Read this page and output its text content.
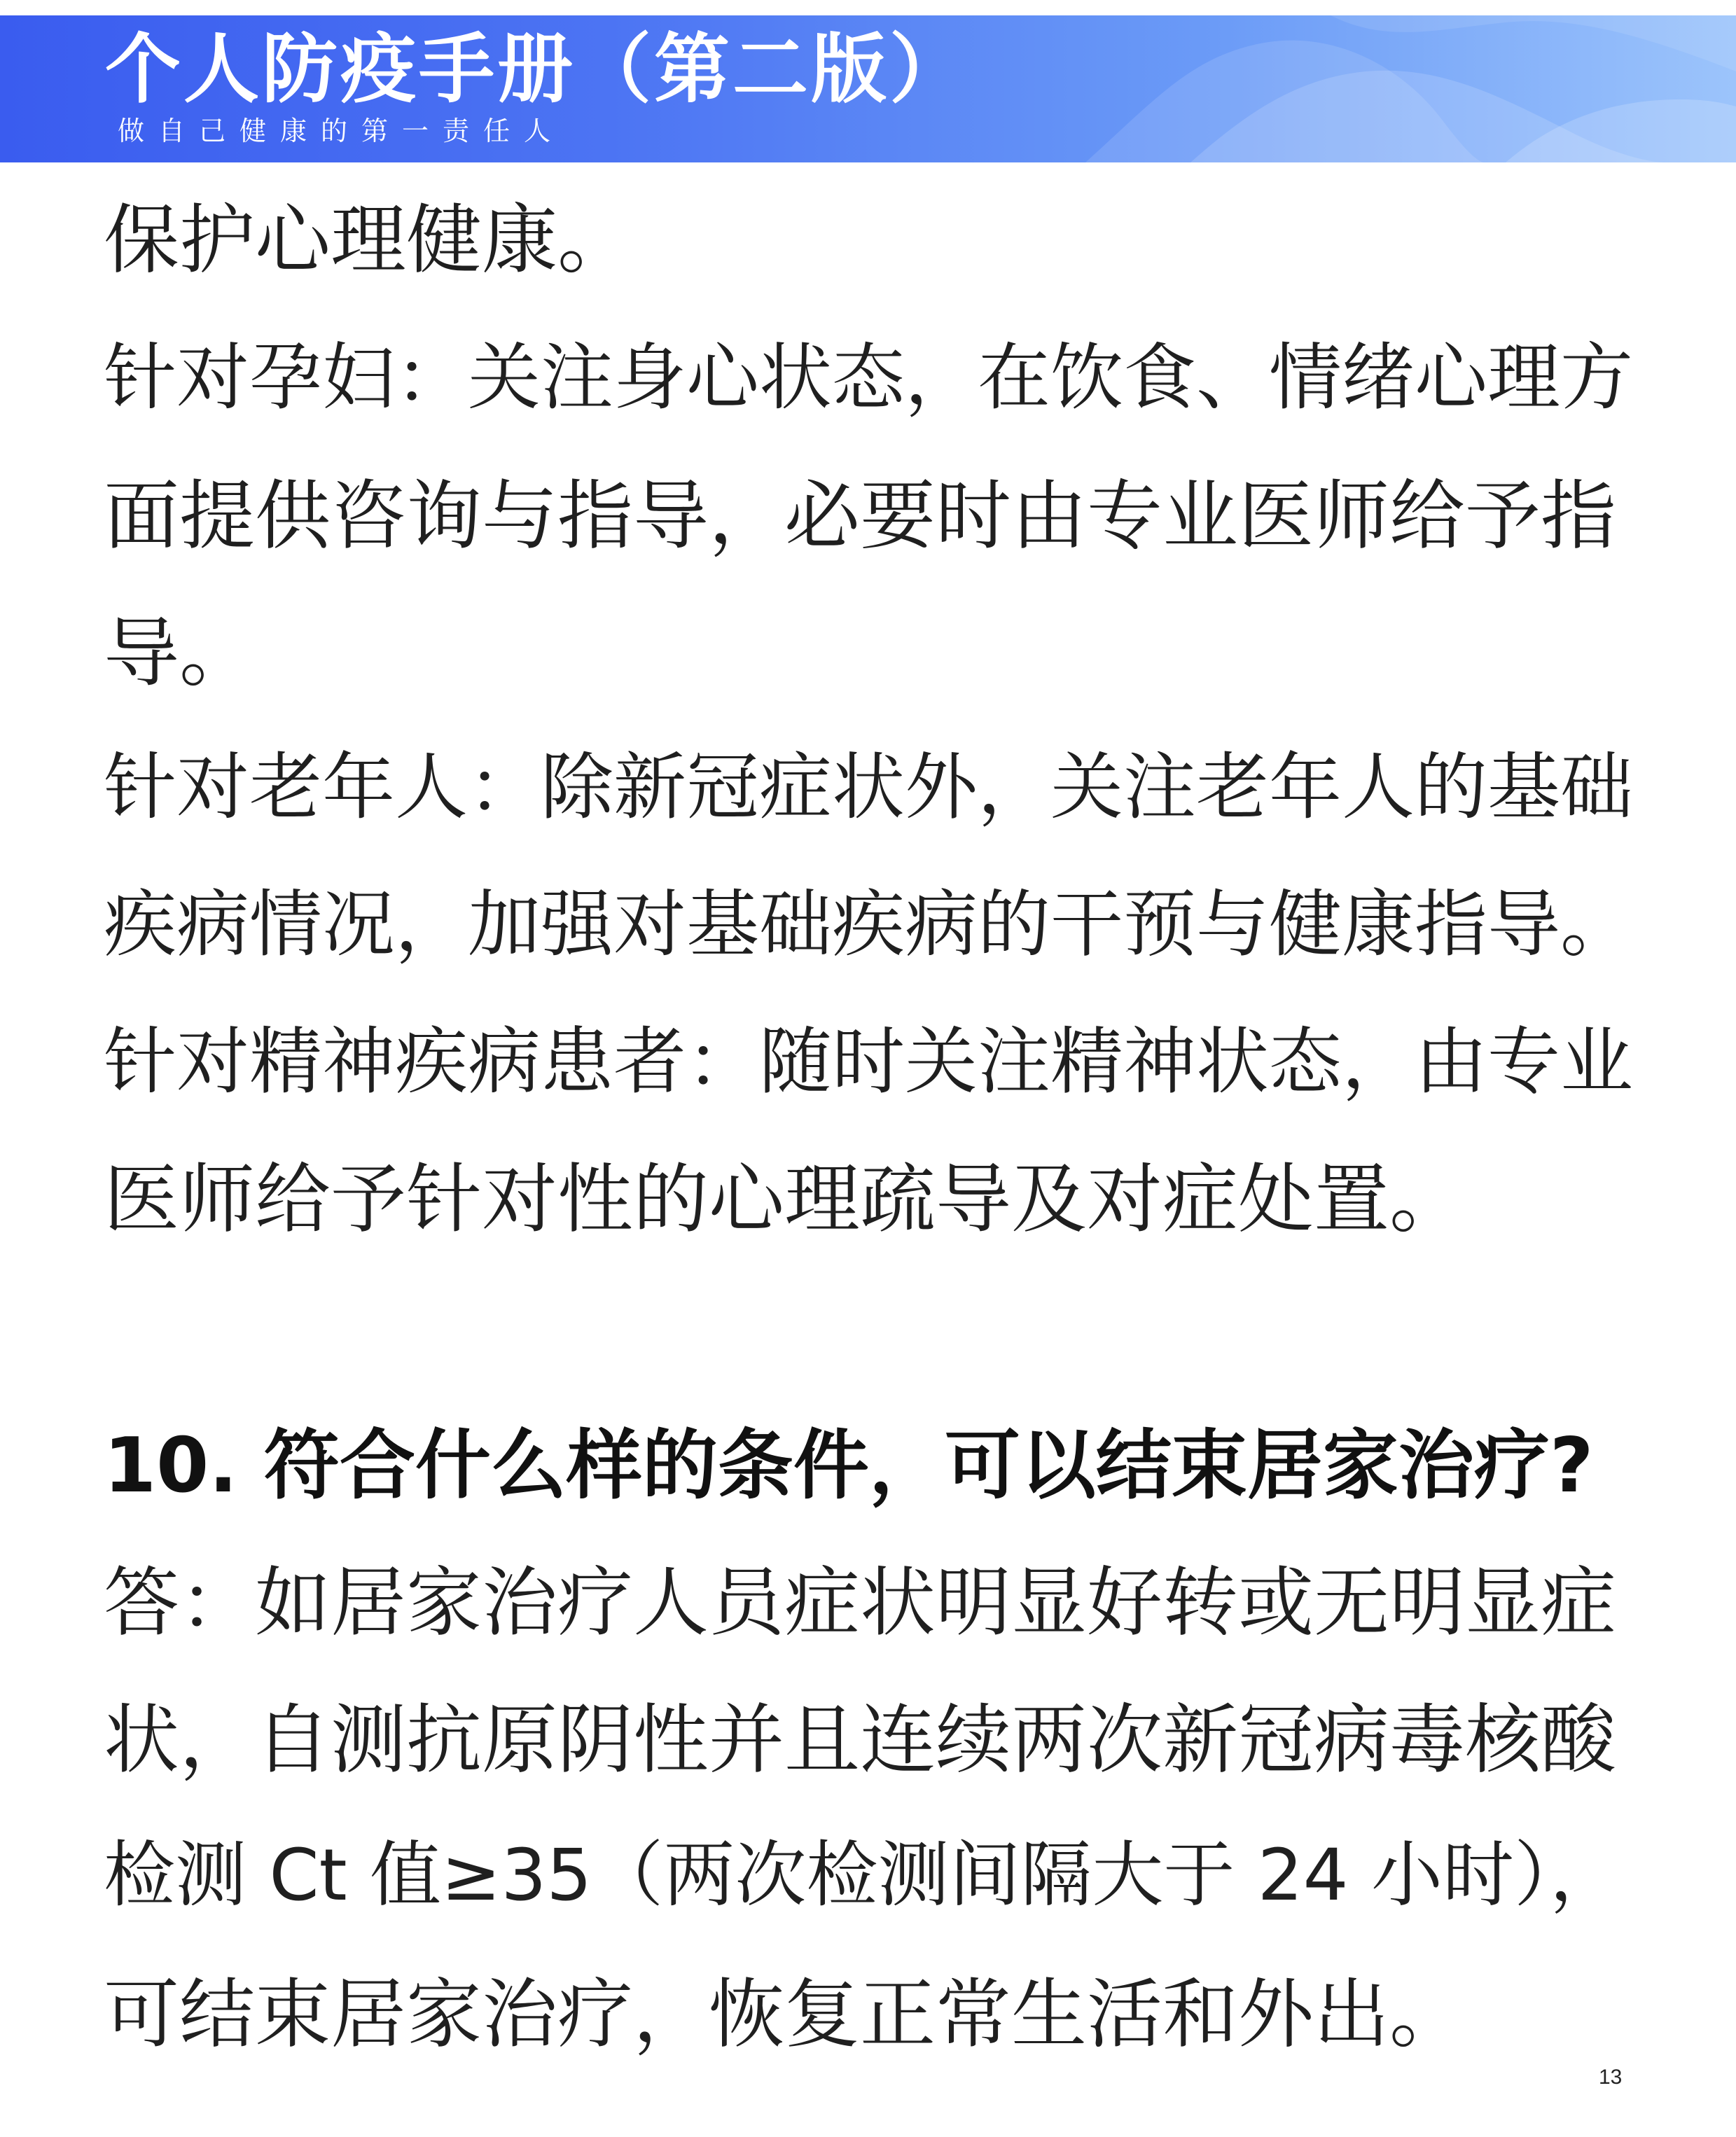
个人防疫手册（第二版）
做自己健康的第一责任人
保护心理健康。
针对孕妇：关注身心状态，在饮食、情绪心理方
面提供咨询与指导，必要时由专业医师给予指
导。
针对老年人：除新冠症状外，关注老年人的基础
疾病情况，加强对基础疾病的干预与健康指导。
针对精神疾病患者：随时关注精神状态，由专业
医师给予针对性的心理疏导及对症处置。
10. 符合什么样的条件，可以结束居家治疗?
答：如居家治疗人员症状明显好转或无明显症
状，自测抗原阴性并且连续两次新冠病毒核酸
检测 Ct 值≥35（两次检测间隔大于 24 小时），
可结束居家治疗，恢复正常生活和外出。
13
